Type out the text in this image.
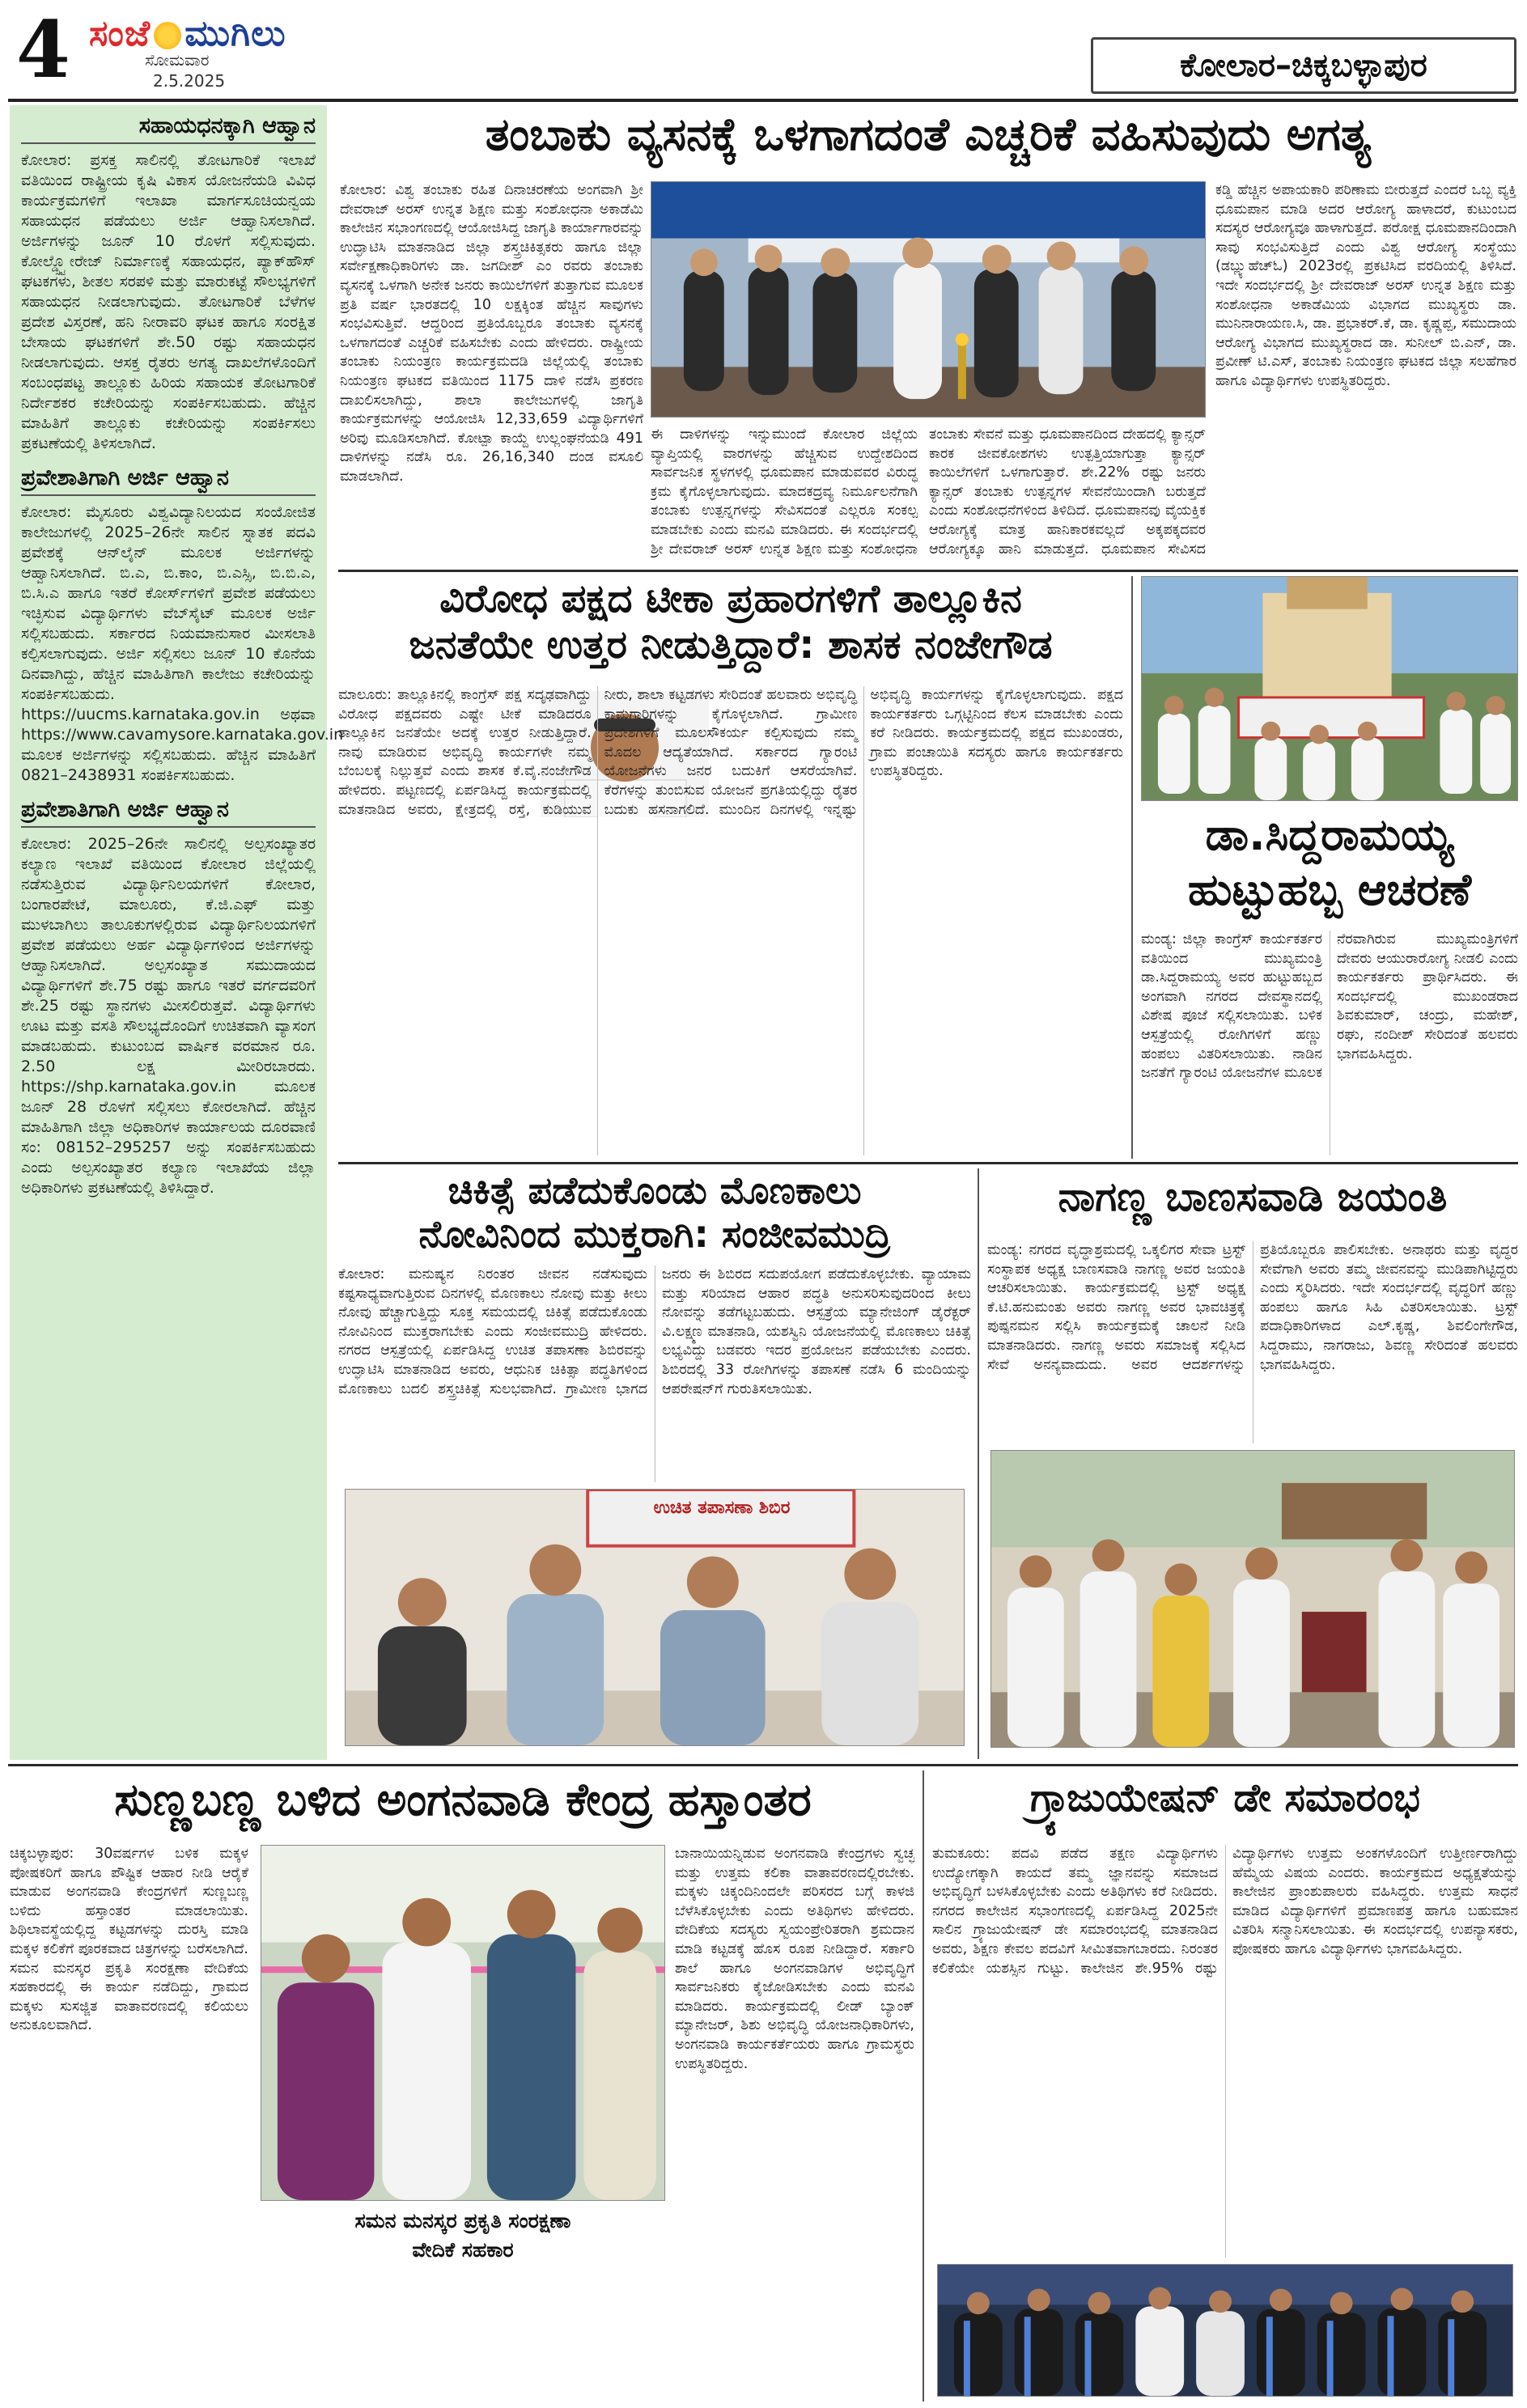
4 ಸಂಜೆ ಮುಗಿಲು
ಸೋಮವಾರ
2.5.2025	ಕೋಲಾರ–ಚಿಕ್ಕಬಳ್ಳಾಪುರ
ಸಹಾಯಧನಕ್ಕಾಗಿ ಆಹ್ವಾನ
ಕೋಲಾರ: ಪ್ರಸಕ್ತ ಸಾಲಿನಲ್ಲಿ ತೋಟಗಾರಿಕೆ ಇಲಾಖೆ ವತಿಯಿಂದ ರಾಷ್ಟ್ರೀಯ ಕೃಷಿ ವಿಕಾಸ ಯೋಜನೆಯಡಿ ವಿವಿಧ ಕಾರ್ಯಕ್ರಮಗಳಿಗೆ ಇಲಾಖಾ ಮಾರ್ಗಸೂಚಿಯನ್ವಯ ಸಹಾಯಧನ ಪಡೆಯಲು ಅರ್ಜಿ ಆಹ್ವಾನಿಸಲಾಗಿದೆ. ಅರ್ಜಿಗಳನ್ನು ಜೂನ್ 10 ರೊಳಗೆ ಸಲ್ಲಿಸುವುದು. ಕೋಲ್ಡ್ಸ್ಟೋರೇಜ್ ನಿರ್ಮಾಣಕ್ಕೆ ಸಹಾಯಧನ, ಪ್ಯಾಕ್‌ಹೌಸ್ ಘಟಕಗಳು, ಶೀತಲ ಸರಪಳಿ ಮತ್ತು ಮಾರುಕಟ್ಟೆ ಸೌಲಭ್ಯಗಳಿಗೆ ಸಹಾಯಧನ ನೀಡಲಾಗುವುದು. ತೋಟಗಾರಿಕೆ ಬೆಳೆಗಳ ಪ್ರದೇಶ ವಿಸ್ತರಣೆ, ಹನಿ ನೀರಾವರಿ ಘಟಕ ಹಾಗೂ ಸಂರಕ್ಷಿತ ಬೇಸಾಯ ಘಟಕಗಳಿಗೆ ಶೇ.50 ರಷ್ಟು ಸಹಾಯಧನ ನೀಡಲಾಗುವುದು. ಆಸಕ್ತ ರೈತರು ಅಗತ್ಯ ದಾಖಲೆಗಳೊಂದಿಗೆ ಸಂಬಂಧಪಟ್ಟ ತಾಲ್ಲೂಕು ಹಿರಿಯ ಸಹಾಯಕ ತೋಟಗಾರಿಕೆ ನಿರ್ದೇಶಕರ ಕಚೇರಿಯನ್ನು ಸಂಪರ್ಕಿಸಬಹುದು. ಹೆಚ್ಚಿನ ಮಾಹಿತಿಗೆ ತಾಲ್ಲೂಕು ಕಚೇರಿಯನ್ನು ಸಂಪರ್ಕಿಸಲು ಪ್ರಕಟಣೆಯಲ್ಲಿ ತಿಳಿಸಲಾಗಿದೆ.
ಪ್ರವೇಶಾತಿಗಾಗಿ ಅರ್ಜಿ ಆಹ್ವಾನ
ಕೋಲಾರ: ಮೈಸೂರು ವಿಶ್ವವಿದ್ಯಾನಿಲಯದ ಸಂಯೋಜಿತ ಕಾಲೇಜುಗಳಲ್ಲಿ 2025–26ನೇ ಸಾಲಿನ ಸ್ನಾತಕ ಪದವಿ ಪ್ರವೇಶಕ್ಕೆ ಆನ್‌ಲೈನ್ ಮೂಲಕ ಅರ್ಜಿಗಳನ್ನು ಆಹ್ವಾನಿಸಲಾಗಿದೆ. ಬಿ.ಎ, ಬಿ.ಕಾಂ, ಬಿ.ಎಸ್ಸಿ, ಬಿ.ಬಿ.ಎ, ಬಿ.ಸಿ.ಎ ಹಾಗೂ ಇತರೆ ಕೋರ್ಸ್‌ಗಳಿಗೆ ಪ್ರವೇಶ ಪಡೆಯಲು ಇಚ್ಛಿಸುವ ವಿದ್ಯಾರ್ಥಿಗಳು ವೆಬ್‌ಸೈಟ್ ಮೂಲಕ ಅರ್ಜಿ ಸಲ್ಲಿಸಬಹುದು. ಸರ್ಕಾರದ ನಿಯಮಾನುಸಾರ ಮೀಸಲಾತಿ ಕಲ್ಪಿಸಲಾಗುವುದು. ಅರ್ಜಿ ಸಲ್ಲಿಸಲು ಜೂನ್ 10 ಕೊನೆಯ ದಿನವಾಗಿದ್ದು, ಹೆಚ್ಚಿನ ಮಾಹಿತಿಗಾಗಿ ಕಾಲೇಜು ಕಚೇರಿಯನ್ನು ಸಂಪರ್ಕಿಸಬಹುದು. https://uucms.karnataka.gov.in ಅಥವಾ https://www.cavamysore.karnataka.gov.in ಮೂಲಕ ಅರ್ಜಿಗಳನ್ನು ಸಲ್ಲಿಸಬಹುದು. ಹೆಚ್ಚಿನ ಮಾಹಿತಿಗೆ 0821–2438931 ಸಂಪರ್ಕಿಸಬಹುದು.
ಪ್ರವೇಶಾತಿಗಾಗಿ ಅರ್ಜಿ ಆಹ್ವಾನ
ಕೋಲಾರ: 2025–26ನೇ ಸಾಲಿನಲ್ಲಿ ಅಲ್ಪಸಂಖ್ಯಾತರ ಕಲ್ಯಾಣ ಇಲಾಖೆ ವತಿಯಿಂದ ಕೋಲಾರ ಜಿಲ್ಲೆಯಲ್ಲಿ ನಡೆಸುತ್ತಿರುವ ವಿದ್ಯಾರ್ಥಿನಿಲಯಗಳಿಗೆ ಕೋಲಾರ, ಬಂಗಾರಪೇಟೆ, ಮಾಲೂರು, ಕೆ.ಜಿ.ಎಫ್ ಮತ್ತು ಮುಳಬಾಗಿಲು ತಾಲೂಕುಗಳಲ್ಲಿರುವ ವಿದ್ಯಾರ್ಥಿನಿಲಯಗಳಿಗೆ ಪ್ರವೇಶ ಪಡೆಯಲು ಅರ್ಹ ವಿದ್ಯಾರ್ಥಿಗಳಿಂದ ಅರ್ಜಿಗಳನ್ನು ಆಹ್ವಾನಿಸಲಾಗಿದೆ. ಅಲ್ಪಸಂಖ್ಯಾತ ಸಮುದಾಯದ ವಿದ್ಯಾರ್ಥಿಗಳಿಗೆ ಶೇ.75 ರಷ್ಟು ಹಾಗೂ ಇತರೆ ವರ್ಗದವರಿಗೆ ಶೇ.25 ರಷ್ಟು ಸ್ಥಾನಗಳು ಮೀಸಲಿರುತ್ತವೆ. ವಿದ್ಯಾರ್ಥಿಗಳು ಊಟ ಮತ್ತು ವಸತಿ ಸೌಲಭ್ಯದೊಂದಿಗೆ ಉಚಿತವಾಗಿ ವ್ಯಾಸಂಗ ಮಾಡಬಹುದು. ಕುಟುಂಬದ ವಾರ್ಷಿಕ ವರಮಾನ ರೂ. 2.50 ಲಕ್ಷ ಮೀರಿರಬಾರದು. https://shp.karnataka.gov.in ಮೂಲಕ ಜೂನ್ 28 ರೊಳಗೆ ಸಲ್ಲಿಸಲು ಕೋರಲಾಗಿದೆ. ಹೆಚ್ಚಿನ ಮಾಹಿತಿಗಾಗಿ ಜಿಲ್ಲಾ ಅಧಿಕಾರಿಗಳ ಕಾರ್ಯಾಲಯ ದೂರವಾಣಿ ಸಂ: 08152–295257 ಅನ್ನು ಸಂಪರ್ಕಿಸಬಹುದು ಎಂದು ಅಲ್ಪಸಂಖ್ಯಾತರ ಕಲ್ಯಾಣ ಇಲಾಖೆಯ ಜಿಲ್ಲಾ ಅಧಿಕಾರಿಗಳು ಪ್ರಕಟಣೆಯಲ್ಲಿ ತಿಳಿಸಿದ್ದಾರೆ.
ತಂಬಾಕು ವ್ಯಸನಕ್ಕೆ ಒಳಗಾಗದಂತೆ ಎಚ್ಚರಿಕೆ ವಹಿಸುವುದು ಅಗತ್ಯ
ಕೋಲಾರ: ವಿಶ್ವ ತಂಬಾಕು ರಹಿತ ದಿನಾಚರಣೆಯ ಅಂಗವಾಗಿ ಶ್ರೀ ದೇವರಾಜ್ ಅರಸ್ ಉನ್ನತ ಶಿಕ್ಷಣ ಮತ್ತು ಸಂಶೋಧನಾ ಅಕಾಡೆಮಿ ಕಾಲೇಜಿನ ಸಭಾಂಗಣದಲ್ಲಿ ಆಯೋಜಿಸಿದ್ದ ಜಾಗೃತಿ ಕಾರ್ಯಾಗಾರವನ್ನು ಉದ್ಘಾಟಿಸಿ ಮಾತನಾಡಿದ ಜಿಲ್ಲಾ ಶಸ್ತ್ರಚಿಕಿತ್ಸಕರು ಹಾಗೂ ಜಿಲ್ಲಾ ಸರ್ವೇಕ್ಷಣಾಧಿಕಾರಿಗಳು ಡಾ. ಜಗದೀಶ್ ಎಂ ರವರು ತಂಬಾಕು ವ್ಯಸನಕ್ಕೆ ಒಳಗಾಗಿ ಅನೇಕ ಜನರು ಕಾಯಿಲೆಗಳಿಗೆ ತುತ್ತಾಗುವ ಮೂಲಕ ಪ್ರತಿ ವರ್ಷ ಭಾರತದಲ್ಲಿ 10 ಲಕ್ಷಕ್ಕಿಂತ ಹೆಚ್ಚಿನ ಸಾವುಗಳು ಸಂಭವಿಸುತ್ತಿವೆ. ಆದ್ದರಿಂದ ಪ್ರತಿಯೊಬ್ಬರೂ ತಂಬಾಕು ವ್ಯಸನಕ್ಕೆ ಒಳಗಾಗದಂತೆ ಎಚ್ಚರಿಕೆ ವಹಿಸಬೇಕು ಎಂದು ಹೇಳಿದರು. ರಾಷ್ಟ್ರೀಯ ತಂಬಾಕು ನಿಯಂತ್ರಣ ಕಾರ್ಯಕ್ರಮದಡಿ ಜಿಲ್ಲೆಯಲ್ಲಿ ತಂಬಾಕು ನಿಯಂತ್ರಣ ಘಟಕದ ವತಿಯಿಂದ 1175 ದಾಳಿ ನಡೆಸಿ ಪ್ರಕರಣ ದಾಖಲಿಸಲಾಗಿದ್ದು, ಶಾಲಾ ಕಾಲೇಜುಗಳಲ್ಲಿ ಜಾಗೃತಿ ಕಾರ್ಯಕ್ರಮಗಳನ್ನು ಆಯೋಜಿಸಿ 12,33,659 ವಿದ್ಯಾರ್ಥಿಗಳಿಗೆ ಅರಿವು ಮೂಡಿಸಲಾಗಿದೆ. ಕೋಟ್ಪಾ ಕಾಯ್ದೆ ಉಲ್ಲಂಘನೆಯಡಿ 491 ದಾಳಿಗಳನ್ನು ನಡೆಸಿ ರೂ. 26,16,340 ದಂಡ ವಸೂಲಿ ಮಾಡಲಾಗಿದೆ.
ಈ ದಾಳಿಗಳನ್ನು ಇನ್ನುಮುಂದೆ ಕೋಲಾರ ಜಿಲ್ಲೆಯ ವ್ಯಾಪ್ತಿಯಲ್ಲಿ ವಾರಗಳನ್ನು ಹೆಚ್ಚಿಸುವ ಉದ್ದೇಶದಿಂದ ಸಾರ್ವಜನಿಕ ಸ್ಥಳಗಳಲ್ಲಿ ಧೂಮಪಾನ ಮಾಡುವವರ ವಿರುದ್ಧ ಕ್ರಮ ಕೈಗೊಳ್ಳಲಾಗುವುದು. ಮಾದಕದ್ರವ್ಯ ನಿರ್ಮೂಲನೆಗಾಗಿ ತಂಬಾಕು ಉತ್ಪನ್ನಗಳನ್ನು ಸೇವಿಸದಂತೆ ಎಲ್ಲರೂ ಸಂಕಲ್ಪ ಮಾಡಬೇಕು ಎಂದು ಮನವಿ ಮಾಡಿದರು. ಈ ಸಂದರ್ಭದಲ್ಲಿ ಶ್ರೀ ದೇವರಾಜ್ ಅರಸ್ ಉನ್ನತ ಶಿಕ್ಷಣ ಮತ್ತು ಸಂಶೋಧನಾ
ತಂಬಾಕು ಸೇವನೆ ಮತ್ತು ಧೂಮಪಾನದಿಂದ ದೇಹದಲ್ಲಿ ಕ್ಯಾನ್ಸರ್ ಕಾರಕ ಜೀವಕೋಶಗಳು ಉತ್ಪತ್ತಿಯಾಗುತ್ತಾ ಕ್ಯಾನ್ಸರ್ ಕಾಯಿಲೆಗಳಿಗೆ ಒಳಗಾಗುತ್ತಾರೆ. ಶೇ.22% ರಷ್ಟು ಜನರು ಕ್ಯಾನ್ಸರ್ ತಂಬಾಕು ಉತ್ಪನ್ನಗಳ ಸೇವನೆಯಿಂದಾಗಿ ಬರುತ್ತದೆ ಎಂದು ಸಂಶೋಧನೆಗಳಿಂದ ತಿಳಿದಿದೆ. ಧೂಮಪಾನವು ವೈಯಕ್ತಿಕ ಆರೋಗ್ಯಕ್ಕೆ ಮಾತ್ರ ಹಾನಿಕಾರಕವಲ್ಲದೆ ಅಕ್ಕಪಕ್ಕದವರ ಆರೋಗ್ಯಕ್ಕೂ ಹಾನಿ ಮಾಡುತ್ತದೆ. ಧೂಮಪಾನ ಸೇವಿಸದ
ಕಡ್ಡಿ ಹೆಚ್ಚಿನ ಅಪಾಯಕಾರಿ ಪರಿಣಾಮ ಬೀರುತ್ತದೆ ಎಂದರೆ ಒಬ್ಬ ವ್ಯಕ್ತಿ ಧೂಮಪಾನ ಮಾಡಿ ಅದರ ಆರೋಗ್ಯ ಹಾಳಾದರೆ, ಕುಟುಂಬದ ಸದಸ್ಯರ ಆರೋಗ್ಯವೂ ಹಾಳಾಗುತ್ತದೆ. ಪರೋಕ್ಷ ಧೂಮಪಾನದಿಂದಾಗಿ ಸಾವು ಸಂಭವಿಸುತ್ತಿದೆ ಎಂದು ವಿಶ್ವ ಆರೋಗ್ಯ ಸಂಸ್ಥೆಯು (ಡಬ್ಲ್ಯುಹೆಚ್‌ಓ) 2023ರಲ್ಲಿ ಪ್ರಕಟಿಸಿದ ವರದಿಯಲ್ಲಿ ತಿಳಿಸಿದೆ. ಇದೇ ಸಂದರ್ಭದಲ್ಲಿ ಶ್ರೀ ದೇವರಾಜ್ ಅರಸ್ ಉನ್ನತ ಶಿಕ್ಷಣ ಮತ್ತು ಸಂಶೋಧನಾ ಅಕಾಡೆಮಿಯ ವಿಭಾಗದ ಮುಖ್ಯಸ್ಥರು ಡಾ. ಮುನಿನಾರಾಯಣ.ಸಿ, ಡಾ. ಪ್ರಭಾಕರ್.ಕೆ, ಡಾ. ಕೃಷ್ಣಪ್ಪ, ಸಮುದಾಯ ಆರೋಗ್ಯ ವಿಭಾಗದ ಮುಖ್ಯಸ್ಥರಾದ ಡಾ. ಸುನೀಲ್ ಬಿ.ಎನ್, ಡಾ. ಪ್ರವೀಣ್ ಟಿ.ಎಸ್, ತಂಬಾಕು ನಿಯಂತ್ರಣ ಘಟಕದ ಜಿಲ್ಲಾ ಸಲಹೆಗಾರ ಹಾಗೂ ವಿದ್ಯಾರ್ಥಿಗಳು ಉಪಸ್ಥಿತರಿದ್ದರು.
ವಿರೋಧ ಪಕ್ಷದ ಟೀಕಾ ಪ್ರಹಾರಗಳಿಗೆ ತಾಲ್ಲೂಕಿನ
ಜನತೆಯೇ ಉತ್ತರ ನೀಡುತ್ತಿದ್ದಾರೆ: ಶಾಸಕ ನಂಜೇಗೌಡ
ಮಾಲೂರು: ತಾಲ್ಲೂಕಿನಲ್ಲಿ ಕಾಂಗ್ರೆಸ್ ಪಕ್ಷ ಸದೃಢವಾಗಿದ್ದು ವಿರೋಧ ಪಕ್ಷದವರು ಎಷ್ಟೇ ಟೀಕೆ ಮಾಡಿದರೂ ತಾಲ್ಲೂಕಿನ ಜನತೆಯೇ ಅದಕ್ಕೆ ಉತ್ತರ ನೀಡುತ್ತಿದ್ದಾರೆ. ನಾವು ಮಾಡಿರುವ ಅಭಿವೃದ್ಧಿ ಕಾರ್ಯಗಳೇ ನಮ್ಮ ಬೆಂಬಲಕ್ಕೆ ನಿಲ್ಲುತ್ತವೆ ಎಂದು ಶಾಸಕ ಕೆ.ವೈ.ನಂಜೇಗೌಡ ಹೇಳಿದರು. ಪಟ್ಟಣದಲ್ಲಿ ಏರ್ಪಡಿಸಿದ್ದ ಕಾರ್ಯಕ್ರಮದಲ್ಲಿ ಮಾತನಾಡಿದ ಅವರು, ಕ್ಷೇತ್ರದಲ್ಲಿ ರಸ್ತೆ, ಕುಡಿಯುವ ನೀರು, ಶಾಲಾ ಕಟ್ಟಡಗಳು ಸೇರಿದಂತೆ ಹಲವಾರು ಅಭಿವೃದ್ಧಿ ಕಾಮಗಾರಿಗಳನ್ನು ಕೈಗೊಳ್ಳಲಾಗಿದೆ. ಗ್ರಾಮೀಣ ಪ್ರದೇಶಗಳಿಗೆ ಮೂಲಸೌಕರ್ಯ ಕಲ್ಪಿಸುವುದು ನಮ್ಮ ಮೊದಲ ಆದ್ಯತೆಯಾಗಿದೆ. ಸರ್ಕಾರದ ಗ್ಯಾರಂಟಿ ಯೋಜನೆಗಳು ಜನರ ಬದುಕಿಗೆ ಆಸರೆಯಾಗಿವೆ. ಕೆರೆಗಳನ್ನು ತುಂಬಿಸುವ ಯೋಜನೆ ಪ್ರಗತಿಯಲ್ಲಿದ್ದು ರೈತರ ಬದುಕು ಹಸನಾಗಲಿದೆ. ಮುಂದಿನ ದಿನಗಳಲ್ಲಿ ಇನ್ನಷ್ಟು ಅಭಿವೃದ್ಧಿ ಕಾರ್ಯಗಳನ್ನು ಕೈಗೊಳ್ಳಲಾಗುವುದು. ಪಕ್ಷದ ಕಾರ್ಯಕರ್ತರು ಒಗ್ಗಟ್ಟಿನಿಂದ ಕೆಲಸ ಮಾಡಬೇಕು ಎಂದು ಕರೆ ನೀಡಿದರು. ಕಾರ್ಯಕ್ರಮದಲ್ಲಿ ಪಕ್ಷದ ಮುಖಂಡರು, ಗ್ರಾಮ ಪಂಚಾಯಿತಿ ಸದಸ್ಯರು ಹಾಗೂ ಕಾರ್ಯಕರ್ತರು ಉಪಸ್ಥಿತರಿದ್ದರು.
ಡಾ.ಸಿದ್ದರಾಮಯ್ಯ
ಹುಟ್ಟುಹಬ್ಬ ಆಚರಣೆ
ಮಂಡ್ಯ: ಜಿಲ್ಲಾ ಕಾಂಗ್ರೆಸ್ ಕಾರ್ಯಕರ್ತರ ವತಿಯಿಂದ ಮುಖ್ಯಮಂತ್ರಿ ಡಾ.ಸಿದ್ದರಾಮಯ್ಯ ಅವರ ಹುಟ್ಟುಹಬ್ಬದ ಅಂಗವಾಗಿ ನಗರದ ದೇವಸ್ಥಾನದಲ್ಲಿ ವಿಶೇಷ ಪೂಜೆ ಸಲ್ಲಿಸಲಾಯಿತು. ಬಳಿಕ ಆಸ್ಪತ್ರೆಯಲ್ಲಿ ರೋಗಿಗಳಿಗೆ ಹಣ್ಣು ಹಂಪಲು ವಿತರಿಸಲಾಯಿತು. ನಾಡಿನ ಜನತೆಗೆ ಗ್ಯಾರಂಟಿ ಯೋಜನೆಗಳ ಮೂಲಕ ನೆರವಾಗಿರುವ ಮುಖ್ಯಮಂತ್ರಿಗಳಿಗೆ ದೇವರು ಆಯುರಾರೋಗ್ಯ ನೀಡಲಿ ಎಂದು ಕಾರ್ಯಕರ್ತರು ಪ್ರಾರ್ಥಿಸಿದರು. ಈ ಸಂದರ್ಭದಲ್ಲಿ ಮುಖಂಡರಾದ ಶಿವಕುಮಾರ್, ಚಂದ್ರು, ಮಹೇಶ್, ರಘು, ನಂದೀಶ್ ಸೇರಿದಂತೆ ಹಲವರು ಭಾಗವಹಿಸಿದ್ದರು.
ಚಿಕಿತ್ಸೆ ಪಡೆದುಕೊಂಡು ಮೊಣಕಾಲು
ನೋವಿನಿಂದ ಮುಕ್ತರಾಗಿ: ಸಂಜೀವಮುದ್ರಿ
ಕೋಲಾರ: ಮನುಷ್ಯನ ನಿರಂತರ ಜೀವನ ನಡೆಸುವುದು ಕಷ್ಟಸಾಧ್ಯವಾಗುತ್ತಿರುವ ದಿನಗಳಲ್ಲಿ ಮೊಣಕಾಲು ನೋವು ಮತ್ತು ಕೀಲು ನೋವು ಹೆಚ್ಚಾಗುತ್ತಿದ್ದು ಸೂಕ್ತ ಸಮಯದಲ್ಲಿ ಚಿಕಿತ್ಸೆ ಪಡೆದುಕೊಂಡು ನೋವಿನಿಂದ ಮುಕ್ತರಾಗಬೇಕು ಎಂದು ಸಂಜೀವಮುದ್ರಿ ಹೇಳಿದರು. ನಗರದ ಆಸ್ಪತ್ರೆಯಲ್ಲಿ ಏರ್ಪಡಿಸಿದ್ದ ಉಚಿತ ತಪಾಸಣಾ ಶಿಬಿರವನ್ನು ಉದ್ಘಾಟಿಸಿ ಮಾತನಾಡಿದ ಅವರು, ಆಧುನಿಕ ಚಿಕಿತ್ಸಾ ಪದ್ಧತಿಗಳಿಂದ ಮೊಣಕಾಲು ಬದಲಿ ಶಸ್ತ್ರಚಿಕಿತ್ಸೆ ಸುಲಭವಾಗಿದೆ. ಗ್ರಾಮೀಣ ಭಾಗದ ಜನರು ಈ ಶಿಬಿರದ ಸದುಪಯೋಗ ಪಡೆದುಕೊಳ್ಳಬೇಕು. ವ್ಯಾಯಾಮ ಮತ್ತು ಸರಿಯಾದ ಆಹಾರ ಪದ್ಧತಿ ಅನುಸರಿಸುವುದರಿಂದ ಕೀಲು ನೋವನ್ನು ತಡೆಗಟ್ಟಬಹುದು. ಆಸ್ಪತ್ರೆಯ ಮ್ಯಾನೇಜಿಂಗ್ ಡೈರೆಕ್ಟರ್ ವಿ.ಲಕ್ಷ್ಮಣ ಮಾತನಾಡಿ, ಯಶಸ್ವಿನಿ ಯೋಜನೆಯಲ್ಲಿ ಮೊಣಕಾಲು ಚಿಕಿತ್ಸೆ ಲಭ್ಯವಿದ್ದು ಬಡವರು ಇದರ ಪ್ರಯೋಜನ ಪಡೆಯಬೇಕು ಎಂದರು. ಶಿಬಿರದಲ್ಲಿ 33 ರೋಗಿಗಳನ್ನು ತಪಾಸಣೆ ನಡೆಸಿ 6 ಮಂದಿಯನ್ನು ಆಪರೇಷನ್‌ಗೆ ಗುರುತಿಸಲಾಯಿತು.
ಉಚಿತ ತಪಾಸಣಾ ಶಿಬಿರ
ನಾಗಣ್ಣ ಬಾಣಸವಾಡಿ ಜಯಂತಿ
ಮಂಡ್ಯ: ನಗರದ ವೃದ್ಧಾಶ್ರಮದಲ್ಲಿ ಒಕ್ಕಲಿಗರ ಸೇವಾ ಟ್ರಸ್ಟ್ ಸಂಸ್ಥಾಪಕ ಅಧ್ಯಕ್ಷ ಬಾಣಸವಾಡಿ ನಾಗಣ್ಣ ಅವರ ಜಯಂತಿ ಆಚರಿಸಲಾಯಿತು. ಕಾರ್ಯಕ್ರಮದಲ್ಲಿ ಟ್ರಸ್ಟ್ ಅಧ್ಯಕ್ಷ ಕೆ.ಟಿ.ಹನುಮಂತು ಅವರು ನಾಗಣ್ಣ ಅವರ ಭಾವಚಿತ್ರಕ್ಕೆ ಪುಷ್ಪನಮನ ಸಲ್ಲಿಸಿ ಕಾರ್ಯಕ್ರಮಕ್ಕೆ ಚಾಲನೆ ನೀಡಿ ಮಾತನಾಡಿದರು. ನಾಗಣ್ಣ ಅವರು ಸಮಾಜಕ್ಕೆ ಸಲ್ಲಿಸಿದ ಸೇವೆ ಅನನ್ಯವಾದುದು. ಅವರ ಆದರ್ಶಗಳನ್ನು ಪ್ರತಿಯೊಬ್ಬರೂ ಪಾಲಿಸಬೇಕು. ಅನಾಥರು ಮತ್ತು ವೃದ್ಧರ ಸೇವೆಗಾಗಿ ಅವರು ತಮ್ಮ ಜೀವನವನ್ನು ಮುಡಿಪಾಗಿಟ್ಟಿದ್ದರು ಎಂದು ಸ್ಮರಿಸಿದರು. ಇದೇ ಸಂದರ್ಭದಲ್ಲಿ ವೃದ್ಧರಿಗೆ ಹಣ್ಣು ಹಂಪಲು ಹಾಗೂ ಸಿಹಿ ವಿತರಿಸಲಾಯಿತು. ಟ್ರಸ್ಟ್ ಪದಾಧಿಕಾರಿಗಳಾದ ಎಲ್.ಕೃಷ್ಣ, ಶಿವಲಿಂಗೇಗೌಡ, ಸಿದ್ದರಾಮು, ನಾಗರಾಜು, ಶಿವಣ್ಣ ಸೇರಿದಂತೆ ಹಲವರು ಭಾಗವಹಿಸಿದ್ದರು.
ಸುಣ್ಣಬಣ್ಣ ಬಳಿದ ಅಂಗನವಾಡಿ ಕೇಂದ್ರ ಹಸ್ತಾಂತರ
ಚಿಕ್ಕಬಳ್ಳಾಪುರ: 30ವರ್ಷಗಳ ಬಳಿಕ ಮಕ್ಕಳ ಪೋಷಕರಿಗೆ ಹಾಗೂ ಪೌಷ್ಟಿಕ ಆಹಾರ ನೀಡಿ ಆರೈಕೆ ಮಾಡುವ ಅಂಗನವಾಡಿ ಕೇಂದ್ರಗಳಿಗೆ ಸುಣ್ಣಬಣ್ಣ ಬಳಿದು ಹಸ್ತಾಂತರ ಮಾಡಲಾಯಿತು. ಶಿಥಿಲಾವಸ್ಥೆಯಲ್ಲಿದ್ದ ಕಟ್ಟಡಗಳನ್ನು ದುರಸ್ತಿ ಮಾಡಿ ಮಕ್ಕಳ ಕಲಿಕೆಗೆ ಪೂರಕವಾದ ಚಿತ್ರಗಳನ್ನು ಬರೆಸಲಾಗಿದೆ. ಸಮನ ಮನಸ್ಕರ ಪ್ರಕೃತಿ ಸಂರಕ್ಷಣಾ ವೇದಿಕೆಯ ಸಹಕಾರದಲ್ಲಿ ಈ ಕಾರ್ಯ ನಡೆದಿದ್ದು, ಗ್ರಾಮದ ಮಕ್ಕಳು ಸುಸಜ್ಜಿತ ವಾತಾವರಣದಲ್ಲಿ ಕಲಿಯಲು ಅನುಕೂಲವಾಗಿದೆ.
ಸಮನ ಮನಸ್ಕರ ಪ್ರಕೃತಿ ಸಂರಕ್ಷಣಾ
ವೇದಿಕೆ ಸಹಕಾರ
ಬಾನಾಯಿಯನ್ನಿಡುವ ಅಂಗನವಾಡಿ ಕೇಂದ್ರಗಳು ಸ್ವಚ್ಛ ಮತ್ತು ಉತ್ತಮ ಕಲಿಕಾ ವಾತಾವರಣದಲ್ಲಿರಬೇಕು. ಮಕ್ಕಳು ಚಿಕ್ಕಂದಿನಿಂದಲೇ ಪರಿಸರದ ಬಗ್ಗೆ ಕಾಳಜಿ ಬೆಳೆಸಿಕೊಳ್ಳಬೇಕು ಎಂದು ಅತಿಥಿಗಳು ಹೇಳಿದರು. ವೇದಿಕೆಯ ಸದಸ್ಯರು ಸ್ವಯಂಪ್ರೇರಿತರಾಗಿ ಶ್ರಮದಾನ ಮಾಡಿ ಕಟ್ಟಡಕ್ಕೆ ಹೊಸ ರೂಪ ನೀಡಿದ್ದಾರೆ. ಸರ್ಕಾರಿ ಶಾಲೆ ಹಾಗೂ ಅಂಗನವಾಡಿಗಳ ಅಭಿವೃದ್ಧಿಗೆ ಸಾರ್ವಜನಿಕರು ಕೈಜೋಡಿಸಬೇಕು ಎಂದು ಮನವಿ ಮಾಡಿದರು. ಕಾರ್ಯಕ್ರಮದಲ್ಲಿ ಲೀಡ್ ಬ್ಯಾಂಕ್ ಮ್ಯಾನೇಜರ್, ಶಿಶು ಅಭಿವೃದ್ಧಿ ಯೋಜನಾಧಿಕಾರಿಗಳು, ಅಂಗನವಾಡಿ ಕಾರ್ಯಕರ್ತೆಯರು ಹಾಗೂ ಗ್ರಾಮಸ್ಥರು ಉಪಸ್ಥಿತರಿದ್ದರು.
ಗ್ರ್ಯಾಜುಯೇಷನ್ ಡೇ ಸಮಾರಂಭ
ತುಮಕೂರು: ಪದವಿ ಪಡೆದ ತಕ್ಷಣ ವಿದ್ಯಾರ್ಥಿಗಳು ಉದ್ಯೋಗಕ್ಕಾಗಿ ಕಾಯದೆ ತಮ್ಮ ಜ್ಞಾನವನ್ನು ಸಮಾಜದ ಅಭಿವೃದ್ಧಿಗೆ ಬಳಸಿಕೊಳ್ಳಬೇಕು ಎಂದು ಅತಿಥಿಗಳು ಕರೆ ನೀಡಿದರು. ನಗರದ ಕಾಲೇಜಿನ ಸಭಾಂಗಣದಲ್ಲಿ ಏರ್ಪಡಿಸಿದ್ದ 2025ನೇ ಸಾಲಿನ ಗ್ರ್ಯಾಜುಯೇಷನ್ ಡೇ ಸಮಾರಂಭದಲ್ಲಿ ಮಾತನಾಡಿದ ಅವರು, ಶಿಕ್ಷಣ ಕೇವಲ ಪದವಿಗೆ ಸೀಮಿತವಾಗಬಾರದು. ನಿರಂತರ ಕಲಿಕೆಯೇ ಯಶಸ್ಸಿನ ಗುಟ್ಟು. ಕಾಲೇಜಿನ ಶೇ.95% ರಷ್ಟು ವಿದ್ಯಾರ್ಥಿಗಳು ಉತ್ತಮ ಅಂಕಗಳೊಂದಿಗೆ ಉತ್ತೀರ್ಣರಾಗಿದ್ದು ಹೆಮ್ಮೆಯ ವಿಷಯ ಎಂದರು. ಕಾರ್ಯಕ್ರಮದ ಅಧ್ಯಕ್ಷತೆಯನ್ನು ಕಾಲೇಜಿನ ಪ್ರಾಂಶುಪಾಲರು ವಹಿಸಿದ್ದರು. ಉತ್ತಮ ಸಾಧನೆ ಮಾಡಿದ ವಿದ್ಯಾರ್ಥಿಗಳಿಗೆ ಪ್ರಮಾಣಪತ್ರ ಹಾಗೂ ಬಹುಮಾನ ವಿತರಿಸಿ ಸನ್ಮಾನಿಸಲಾಯಿತು. ಈ ಸಂದರ್ಭದಲ್ಲಿ ಉಪನ್ಯಾಸಕರು, ಪೋಷಕರು ಹಾಗೂ ವಿದ್ಯಾರ್ಥಿಗಳು ಭಾಗವಹಿಸಿದ್ದರು.
